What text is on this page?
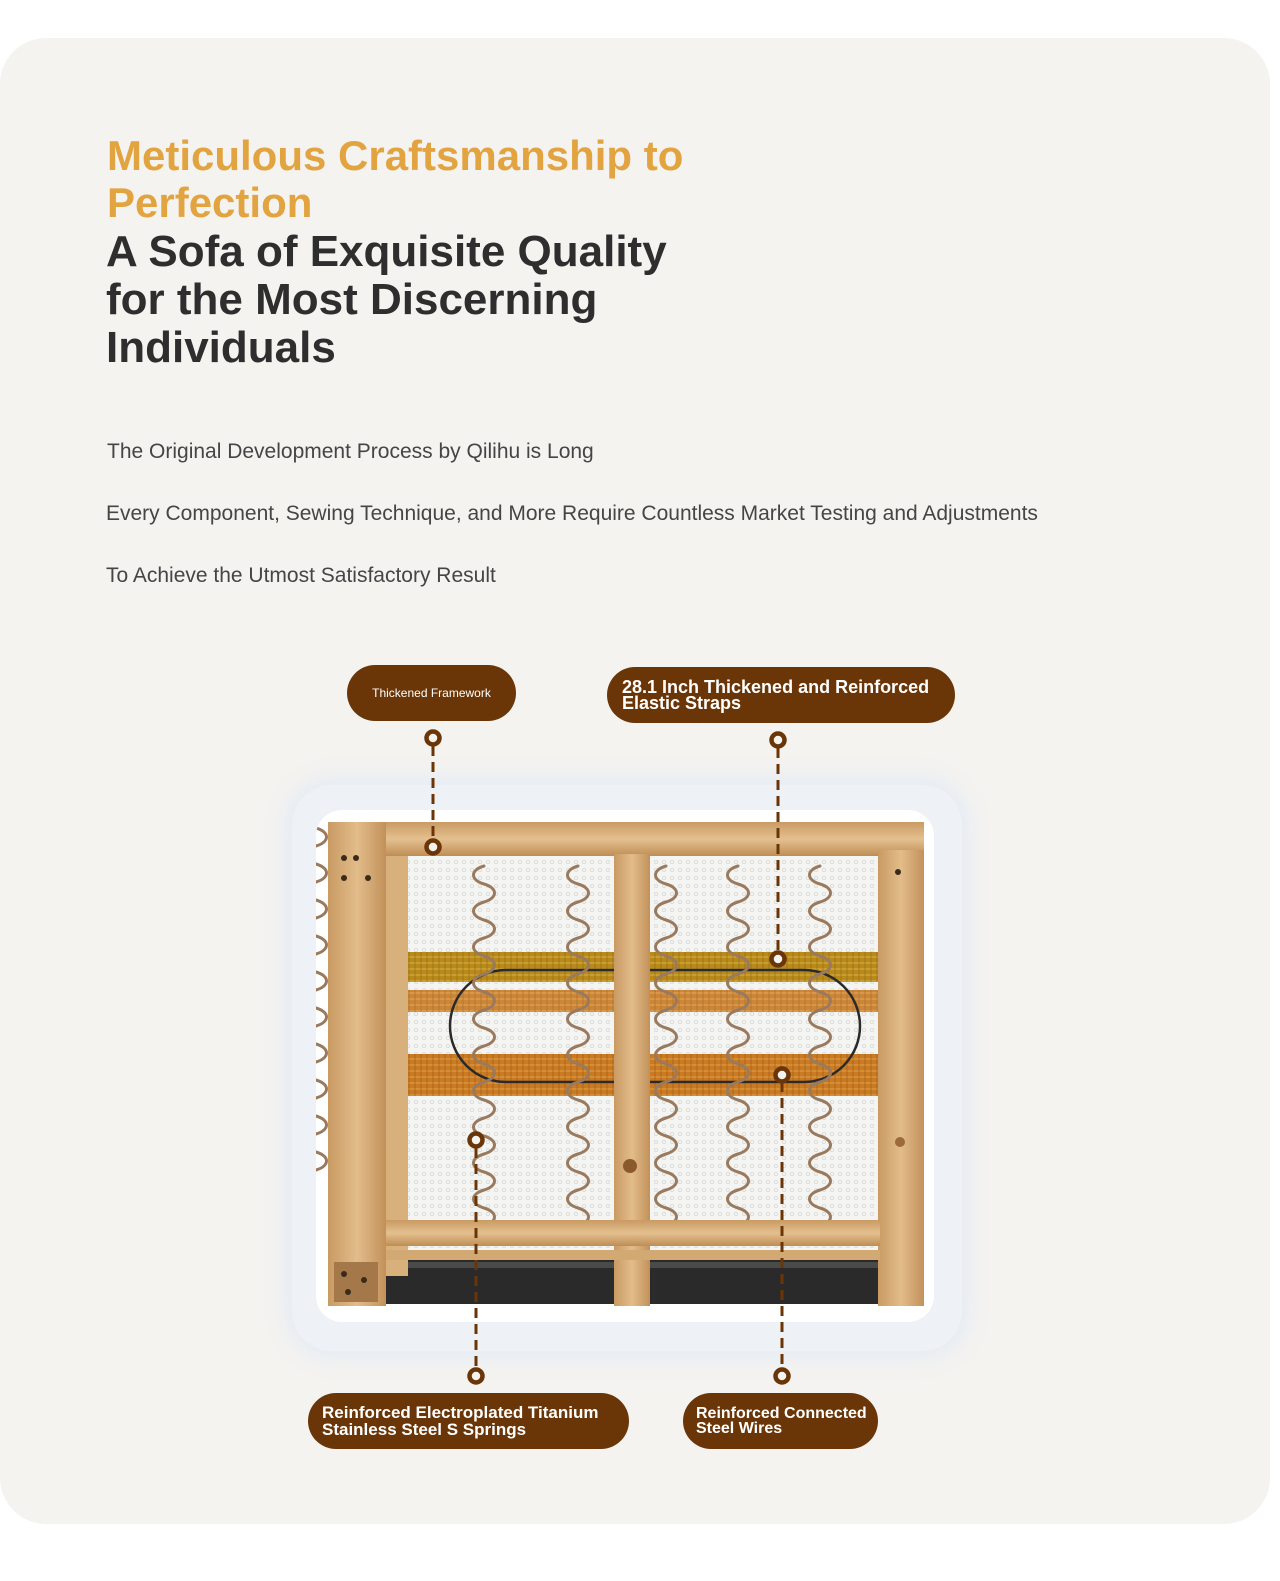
Meticulous Craftsmanship to Perfection
A Sofa of Exquisite Quality for the Most Discerning Individuals

The Original Development Process by Qilihu is Long

Every Component, Sewing Technique, and More Require Countless Market Testing and Adjustments

To Achieve the Utmost Satisfactory Result

Thickened Framework	28.1 Inch Thickened and Reinforced Elastic Straps
Reinforced Electroplated Titanium Stainless Steel S Springs
Reinforced Connected Steel Wires
